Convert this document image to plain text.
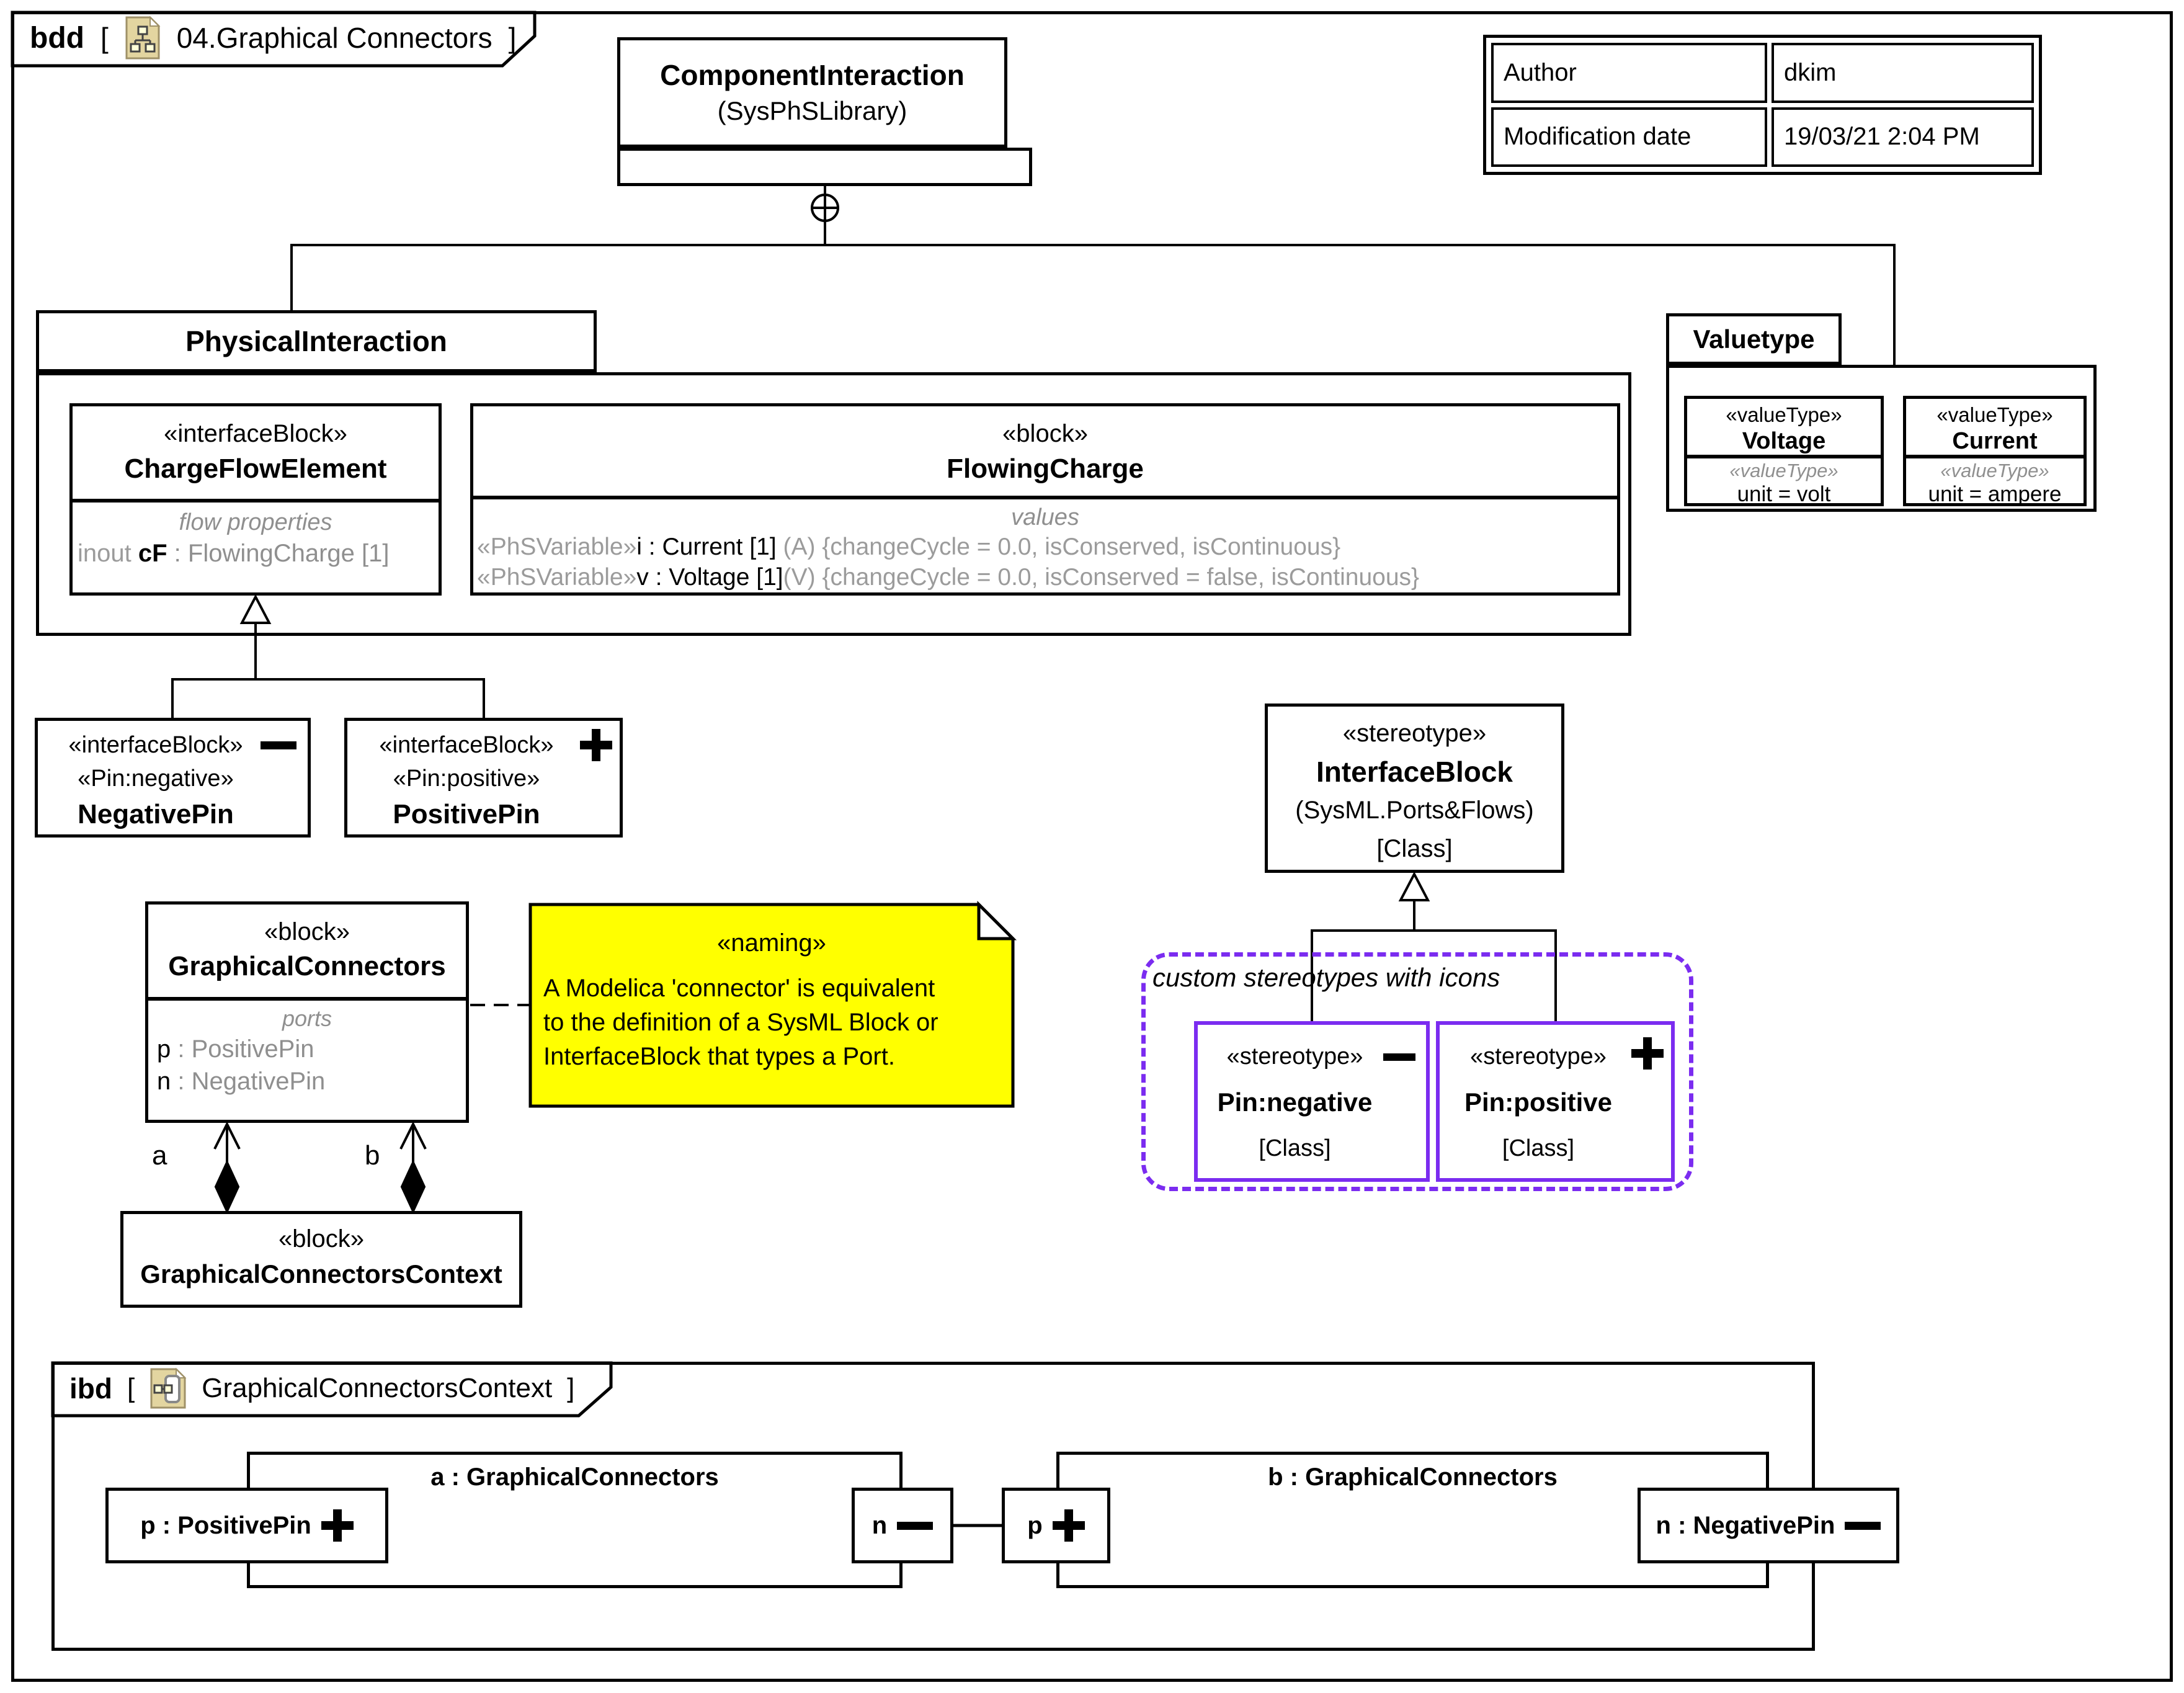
bdd [ 04.Graphical Connectors ]
Author	dkim
Modification date	19/03/21 2:04 PM
ComponentInteraction
(SysPhSLibrary)
PhysicalInteraction
«interfaceBlock»
ChargeFlowElement
flow properties
inout cF : FlowingCharge [1]
«block»
FlowingCharge
values
«PhSVariable»i : Current [1] (A) {changeCycle = 0.0, isConserved, isContinuous}
«PhSVariable»v : Voltage [1](V) {changeCycle = 0.0, isConserved = false, isContinuous}
Valuetype
«valueType»
Voltage
«valueType»
unit = volt
«valueType»
Current
«valueType»
unit = ampere
«interfaceBlock»
«Pin:negative»
NegativePin
«interfaceBlock»
«Pin:positive»
PositivePin
«stereotype»
InterfaceBlock
(SysML.Ports&Flows)
[Class]
custom stereotypes with icons
«stereotype»
Pin:negative
[Class]
«stereotype»
Pin:positive
[Class]
«block»
GraphicalConnectors
ports
p : PositivePin
n : NegativePin
«naming»
A Modelica 'connector' is equivalent
to the definition of a SysML Block or
InterfaceBlock that types a Port.
a	b
«block»
GraphicalConnectorsContext
ibd [ GraphicalConnectorsContext ]
a : GraphicalConnectors
p : PositivePin	n
b : GraphicalConnectors
p	n : NegativePin
